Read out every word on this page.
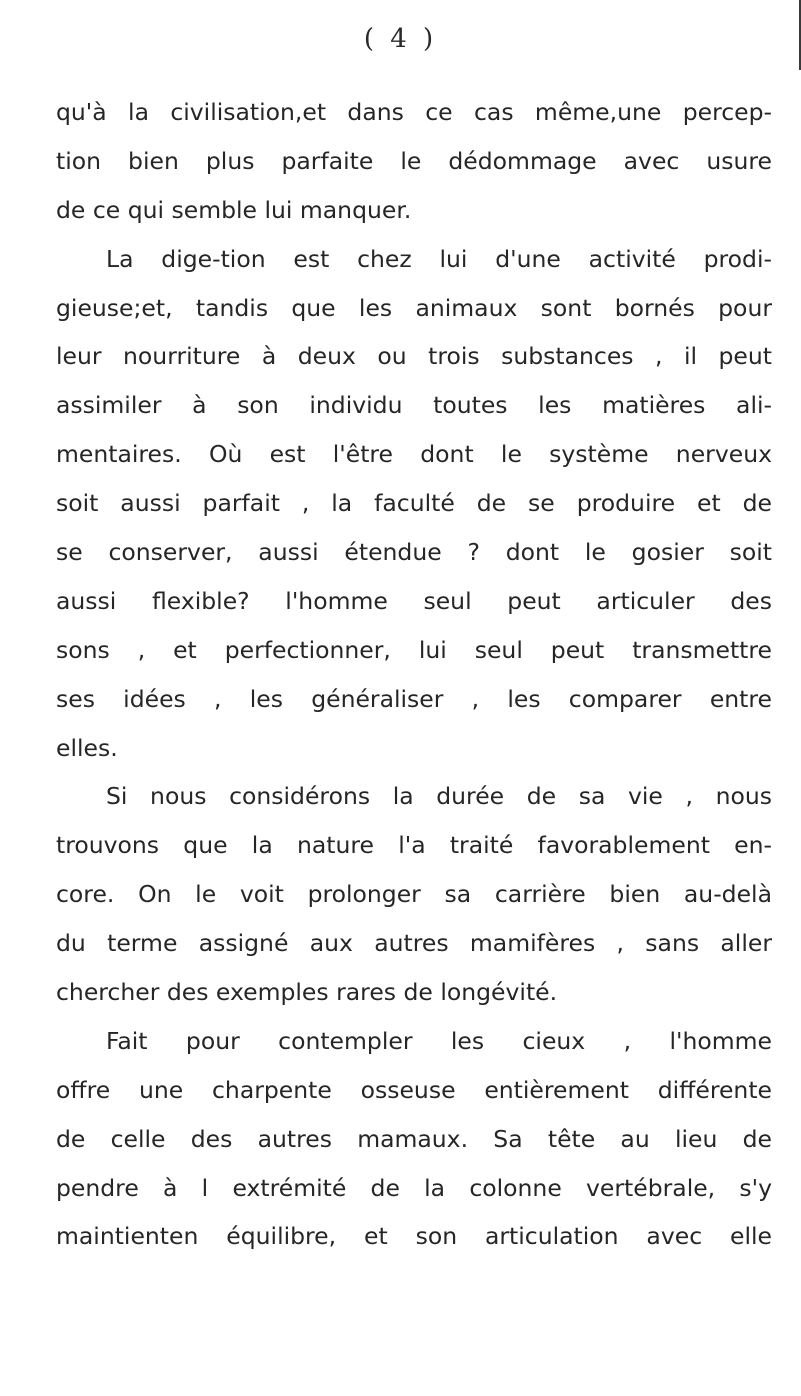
( 4 )
qu'à la civilisation,et dans ce cas même,une percep-
tion bien plus parfaite le dédommage avec usure
de ce qui semble lui manquer.
La dige-tion est chez lui d'une activité prodi-
gieuse;et, tandis que les animaux sont bornés pour
leur nourriture à deux ou trois substances , il peut
assimiler à son individu toutes les matières ali-
mentaires. Où est l'être dont le système nerveux
soit aussi parfait , la faculté de se produire et de
se conserver, aussi étendue ? dont le gosier soit
aussi flexible? l'homme seul peut articuler des
sons , et perfectionner, lui seul peut transmettre
ses idées , les généraliser , les comparer entre
elles.
Si nous considérons la durée de sa vie , nous
trouvons que la nature l'a traité favorablement en-
core. On le voit prolonger sa carrière bien au-delà
du terme assigné aux autres mamifères , sans aller
chercher des exemples rares de longévité.
Fait pour contempler les cieux , l'homme
offre une charpente osseuse entièrement différente
de celle des autres mamaux. Sa tête au lieu de
pendre à l extrémité de la colonne vertébrale, s'y
maintienten équilibre, et son articulation avec elle
